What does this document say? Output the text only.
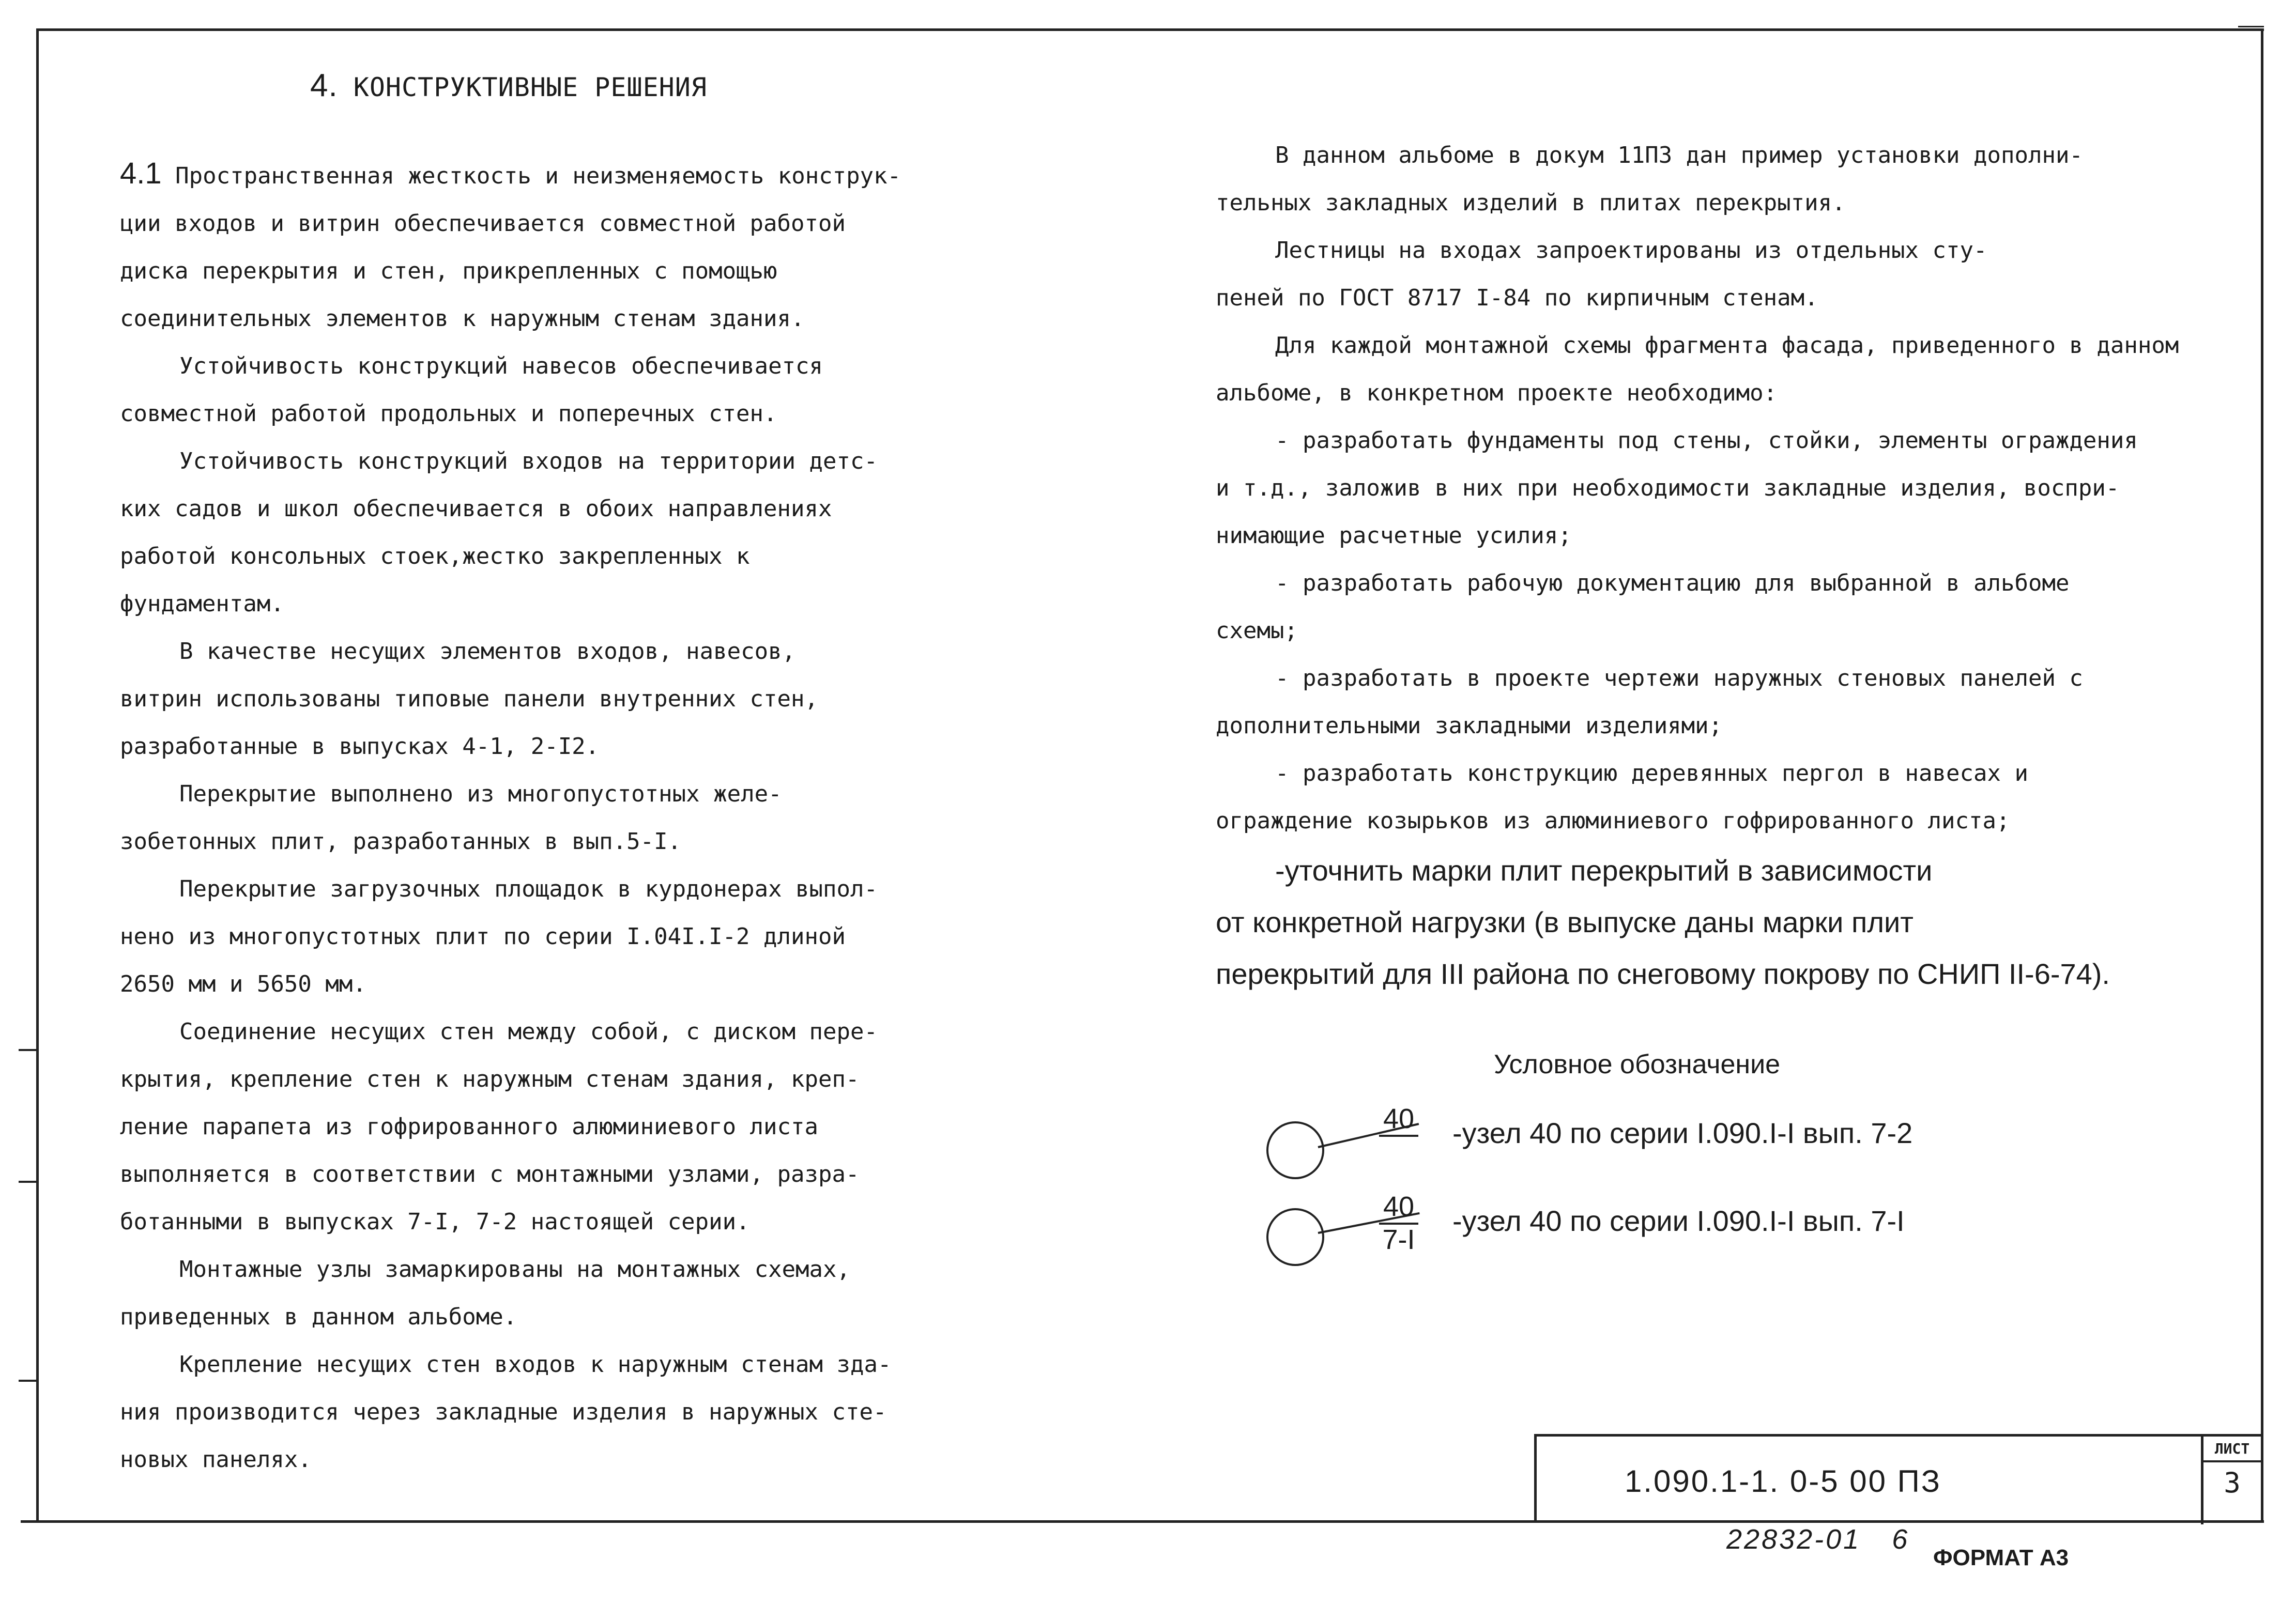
4. КОНСТРУКТИВНЫЕ РЕШЕНИЯ

4.1 Пространственная жесткость и неизменяемость конструк-
ции входов и витрин обеспечивается совместной работой
диска перекрытия и стен, прикрепленных с помощью
соединительных элементов к наружным стенам здания.

Устойчивость конструкций навесов обеспечивается
совместной работой продольных и поперечных стен.

Устойчивость конструкций входов на территории детс-
ких садов и школ обеспечивается в обоих направлениях
работой консольных стоек,жестко закрепленных к
фундаментам.

В качестве несущих элементов входов, навесов,
витрин использованы типовые панели внутренних стен,
разработанные в выпусках 4-1, 2-I2.

Перекрытие выполнено из многопустотных желе-
зобетонных плит, разработанных в вып.5-I.

Перекрытие загрузочных площадок в курдонерах выпол-
нено из многопустотных плит по серии I.04I.I-2 длиной
2650 мм и 5650 мм.

Соединение несущих стен между собой, с диском пере-
крытия, крепление стен к наружным стенам здания, креп-
ление парапета из гофрированного алюминиевого листа
выполняется в соответствии с монтажными узлами, разра-
ботанными в выпусках 7-I, 7-2 настоящей серии.

Монтажные узлы замаркированы на монтажных схемах,
приведенных в данном альбоме.

Крепление несущих стен входов к наружным стенам зда-
ния производится через закладные изделия в наружных сте-
новых панелях.

В данном альбоме в докум 11ПЗ дан пример установки дополни-
тельных закладных изделий в плитах перекрытия.

Лестницы на входах запроектированы из отдельных сту-
пеней по ГОСТ 8717 I-84 по кирпичным стенам.

Для каждой монтажной схемы фрагмента фасада, приведенного в данном
альбоме, в конкретном проекте необходимо:

- разработать фундаменты под стены, стойки, элементы ограждения
и т.д., заложив в них при необходимости закладные изделия, воспри-
нимающие расчетные усилия;

- разработать рабочую документацию для выбранной в альбоме
схемы;

- разработать в проекте чертежи наружных стеновых панелей с
дополнительными закладными изделиями;

- разработать конструкцию деревянных пергол в навесах и
ограждение козырьков из алюминиевого гофрированного листа;

-уточнить марки плит перекрытий в зависимости
от конкретной нагрузки (в выпуске даны марки плит
перекрытий для III района по снеговому покрову по СНИП II-6-74).

Условное обозначение
40 -узел 40 по серии I.090.I-I вып. 7-2
$\frac{40}{7-I}$ -узел 40 по серии I.090.I-I вып. 7-I
1.090.1-1. 0-5 00 ПЗ
ЛИСТ
3
22832-01 6
ФОРМАТ А3
